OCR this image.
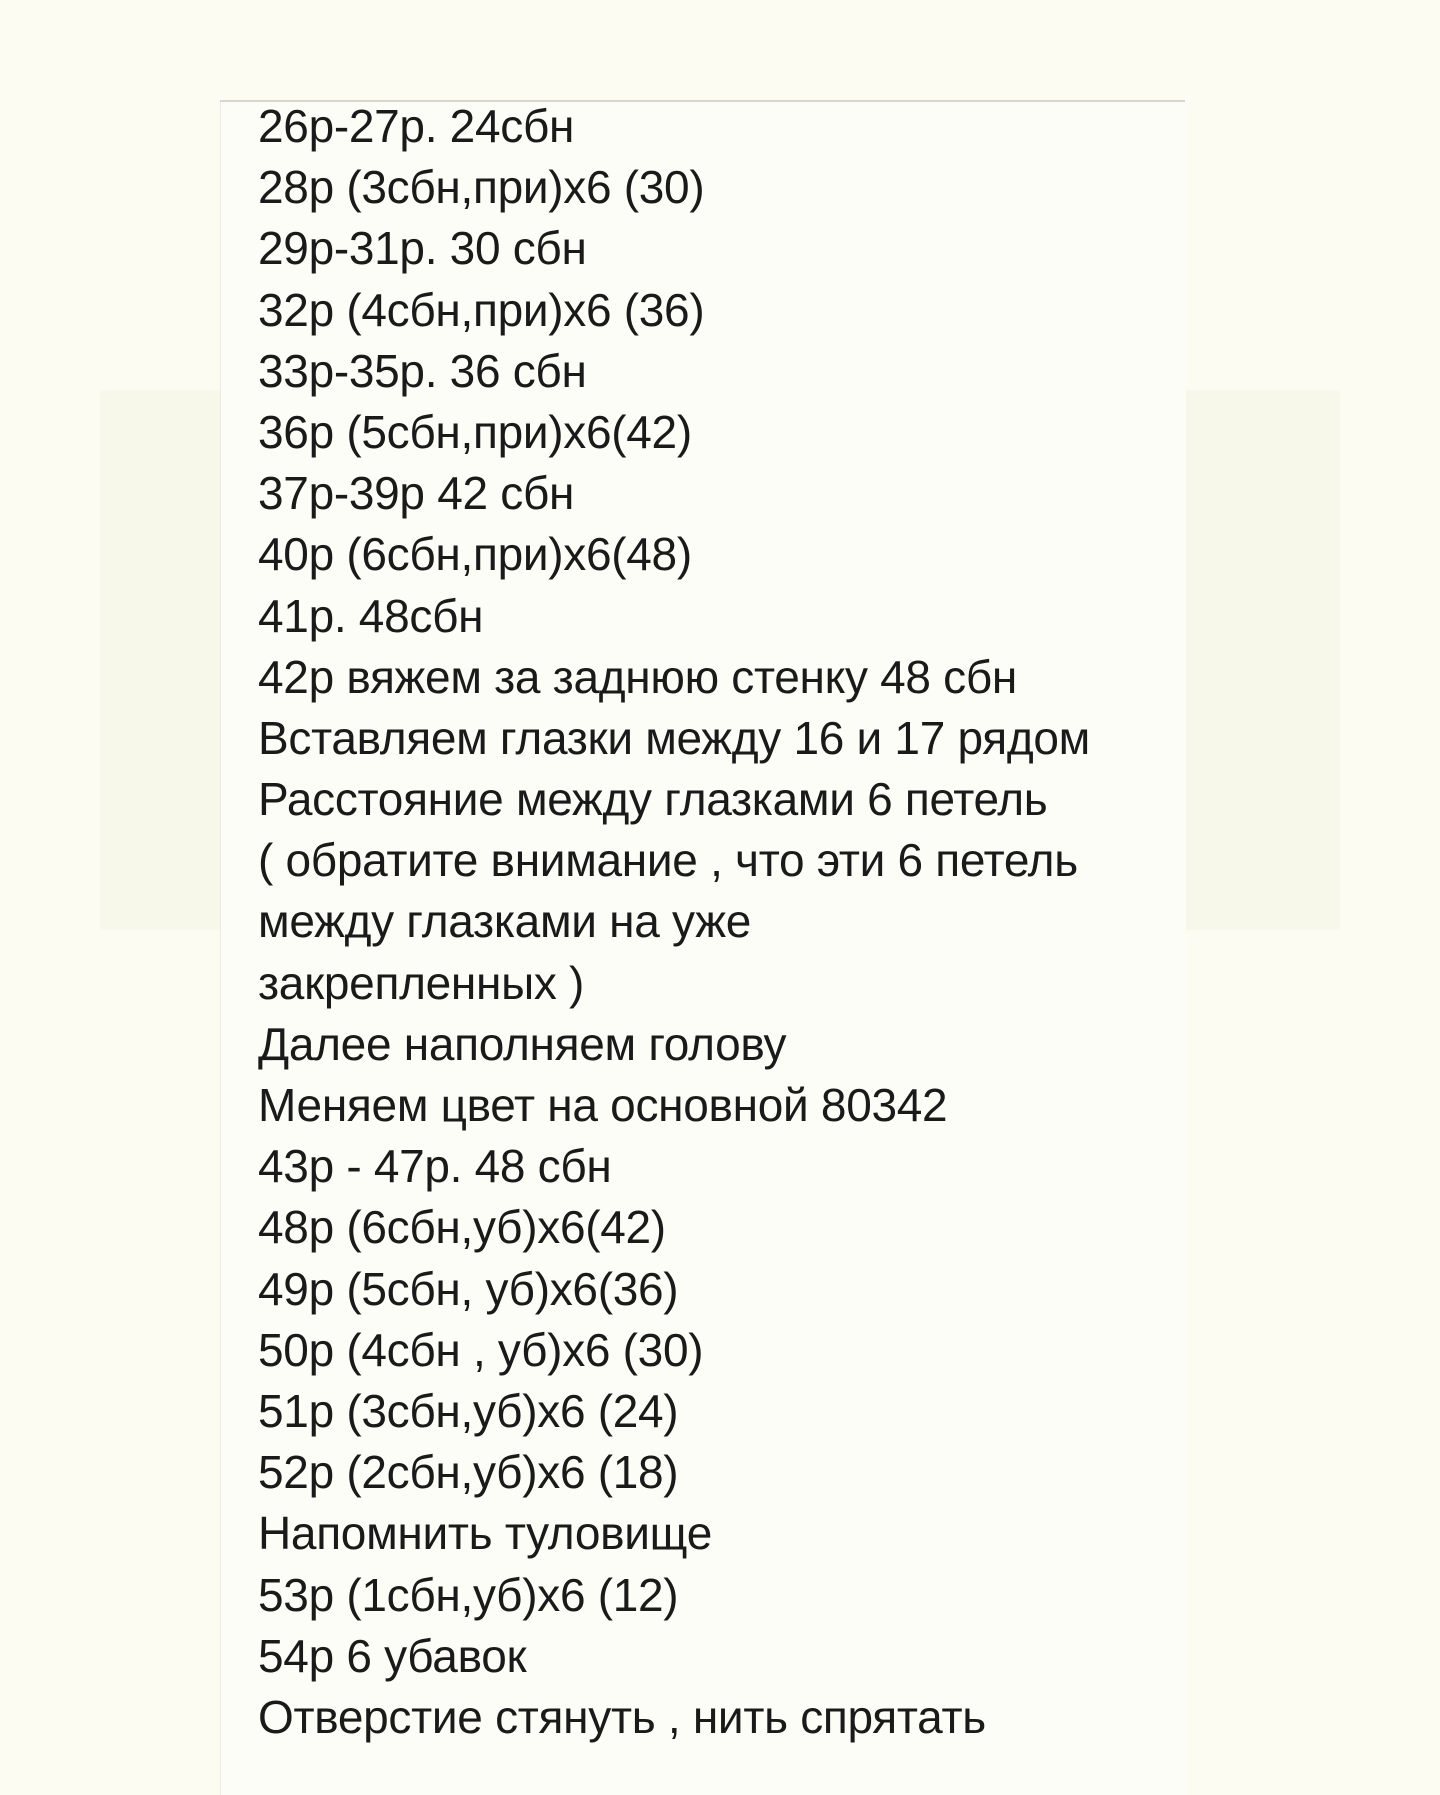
26р-27р. 24сбн
28р (3сбн,при)х6 (30)
29р-31р. 30 сбн
32р (4сбн,при)х6 (36)
33р-35р. 36 сбн
36р (5сбн,при)х6(42)
37р-39р 42 сбн
40р (6сбн,при)х6(48)
41р. 48сбн
42р вяжем за заднюю стенку 48 сбн
Вставляем глазки между 16 и 17 рядом
Расстояние между глазками 6 петель
( обратите внимание , что эти 6 петель
между глазками на уже
закрепленных )
Далее наполняем голову
Меняем цвет на основной 80342
43р - 47р. 48 сбн
48р (6сбн,уб)х6(42)
49р (5сбн, уб)х6(36)
50р (4сбн , уб)х6 (30)
51р (3сбн,уб)х6 (24)
52р (2сбн,уб)х6 (18)
Напомнить туловище
53р (1сбн,уб)х6 (12)
54р 6 убавок
Отверстие стянуть , нить спрятать
